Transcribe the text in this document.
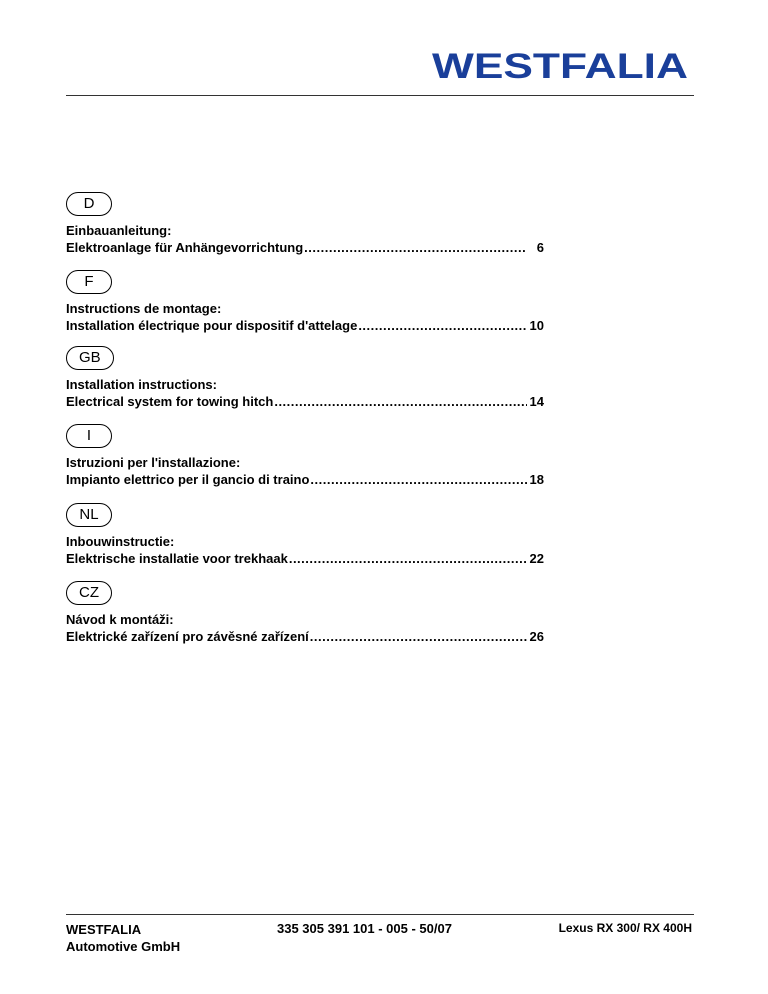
WESTFALIA
D
Einbauanleitung:
Elektroanlage für Anhängevorrichtung .....	6
F
Instructions de montage:
Installation électrique pour dispositif d'attelage .....	10
GB
Installation instructions:
Electrical system for towing hitch .....	14
I
Istruzioni per l'installazione:
Impianto elettrico per il gancio di traino .....	18
NL
Inbouwinstructie:
Elektrische installatie voor trekhaak .....	22
CZ
Návod k montáži:
Elektrické zařízení pro závěsné zařízení .....	26
WESTFALIA
Automotive GmbH
335 305 391 101 - 005 - 50/07	Lexus RX 300/ RX 400H
